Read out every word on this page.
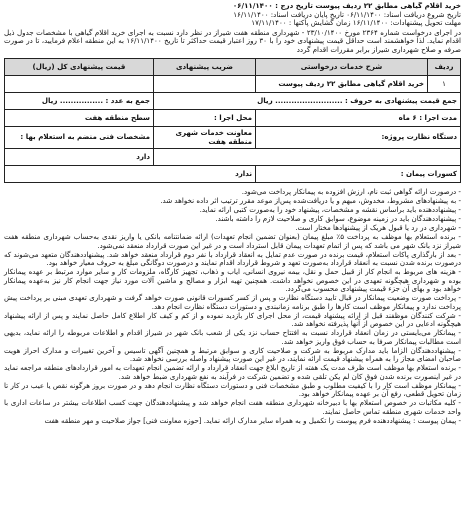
خرید اقلام گیاهی مطابق ۲۲ ردیف پیوست تاریخ درج : ۰۶/۱۱/۱۴۰۰
تاریخ شروع دریافت اسناد: ۰۶/۱۱/۱۴۰۰ تاریخ پایان دریافت اسناد: ۱۶/۱۱/۱۴۰۰
مهلت تحویل پیشنهادات: ۱۶/۱۱/۱۴۰۰ زمان گشایش پاکتها : ۱۷/۱۱/۱۴۰۰
در اجرای درخواست شماره ۲۳۶۴ مورخ ۲۳/۱۰/۱۴۰۰ - شهرداری منطقه هفت شیراز در نظر دارد نسبت به اجرای خرید اقلام گیاهی با مشخصات جدول ذیل اقدام نماید. لذا خواهشمند است حداقل قیمت پیشنهادی خود را با ۳۰ روز اعتبار قیمت حداکثر تا تاریخ ۱۶/۱۱/۱۴۰۰ به این منطقه اعلام فرمایید، تا در صورت صرفه و صلاح شهرداری شیراز برابر مقررات اقدام گردد
ردیف	شرح خدمات درخواستی	ضریب پیشنهادی	قیمت پیشنهادی کل (ریال)
۱	خرید اقلام گیاهی مطابق ۲۲ ردیف پیوست		
جمع قیمت پیشنهادی به حروف : ......................... ریال			جمع به عدد : ................ ریال
مدت اجرا : ۶ ماه		محل اجرا :	سطح منطقه هفت
دستگاه نظارت پروژه:		معاونت خدمات شهری منطقه هفت	مشخصات فنی منضم به استعلام بها :
			دارد
کسورات پیمان :		ندارد	

- درصورت ارائه گواهی ثبت نام، ارزش افزوده به پیمانکار پرداخت می‌شود.

- به پیشنهادهای مشروط، مخدوش، مبهم و یا دریافت‌شده پس‌از موعد مقرر ترتیب اثر داده نخواهد شد.

- پیشنهاددهنده باید براساس نقشه و مشخصات، پیشنهاد خود را به‌صورت کتبی ارائه نماید.

- پیشنهاددهندگان باید در زمینه موضوع، سوابق کاری و صلاحیت لازم را داشته باشند.

- شهرداری در رد یا قبول هریک از پیشنهادها مختار است.

- برنده استعلام بها موظف به پرداخت ۵٪ مبلغ پیمان (بعنوان تضمین انجام تعهدات) ارائه ضمانتنامه بانکی یا واریز نقدی به‌حساب شهرداری منطقه هفت شیراز نزد بانک شهر می باشد که پس از اتمام تعهدات پیمان قابل استرداد است و در غیر این صورت قرارداد منعقد نمی‌شود.

- بعد از بارگذاری پاکات استعلام، قیمت برنده در صورت عدم تمایل به انعقاد قرارداد با نفر دوم قرارداد منعقد خواهد شد. پیشنهاددهندگان متعهد می‌شوند که درصورت برنده شدن نسبت به انعقاد قرارداد به‌صورت تعهد و شروط قرارداد اقدام نمایند و درصورت دوگانگی مبلغ به حروف معیار خواهد بود.

- هزینه های مربوط به انجام کار از قبیل حمل و نقل، بیمه نیروی انسانی، ایاب و ذهاب، تجهیز کارگاه، ملزومات کار و سایر موارد مرتبط بر عهده پیمانکار بوده و شهرداری هیچگونه تعهدی در این خصوص نخواهد داشت. همچنین تهیه ابزار و مصالح و ماشین آلات مورد نیاز جهت انجام کار نیز به‌عهده پیمانکار خواهد بود و بهای آن جزء قیمت پیشنهادی محسوب می‌گردد.

- پرداخت صورت وضعیت پیمانکار در قبال تایید دستگاه نظارت و پس از کسر کسورات قانونی صورت خواهد گرفت و شهرداری تعهدی مبنی بر پرداخت پیش پرداخت ندارد و پیمانکار موظف است کارها را طبق برنامه زمانبندی و دستورات دستگاه نظارت انجام دهد.

- شرکت کنندگان موظفند قبل از ارائه پیشنهاد قیمت، از محل اجرای کار بازدید نموده و از کم و کیف کار اطلاع کامل حاصل نمایند و پس از ارائه پیشنهاد هیچگونه ادعایی در این خصوص از آنها پذیرفته نخواهد شد.

- پیمانکار می‌بایستی در زمان انعقاد قرارداد نسبت به افتتاح حساب نزد یکی از شعب بانک شهر در شیراز اقدام و اطلاعات مربوطه را ارائه نماید، بدیهی است مطالبات پیمانکار صرفا به حساب فوق واریز خواهد شد.

- پیشنهاددهندگان الزاما باید مدارک مربوط به شرکت و صلاحیت کاری و سوابق مرتبط و همچنین آگهی تاسیس و آخرین تغییرات و مدارک احراز هویت صاحبان امضای مجاز را به همراه پیشنهاد قیمت ارائه نمایند، در غیر این صورت پیشنهاد واصله بررسی نخواهد شد.

- برنده استعلام بها موظف است ظرف مدت یک هفته از تاریخ ابلاغ جهت انعقاد قرارداد و ارائه تضمین انجام تعهدات به امور قراردادهای منطقه مراجعه نماید در غیر اینصورت برنده شدن فوق کان لم یکن تلقی شده و تضمین شرکت در فرآیند به نفع شهرداری ضبط خواهد شد.

- پیمانکار موظف است کار را با کیفیت مطلوب و طبق مشخصات فنی و دستورات دستگاه نظارت انجام دهد و در صورت بروز هرگونه نقص یا عیب در کار تا زمان تحویل قطعی، رفع آن بر عهده پیمانکار خواهد بود.

- کلیه مکاتبات در خصوص استعلام بها با دبیرخانه شهرداری منطقه هفت انجام خواهد شد و پیشنهاددهندگان جهت کسب اطلاعات بیشتر در ساعات اداری با واحد خدمات شهری منطقه تماس حاصل نمایند.

- پیمان پیوست : پیشنهاددهنده فرم پیوست را تکمیل و به همراه سایر مدارک ارائه نماید. [حوزه معاونت فنی] جواز صلاحیت و مهر منطقه هفت
